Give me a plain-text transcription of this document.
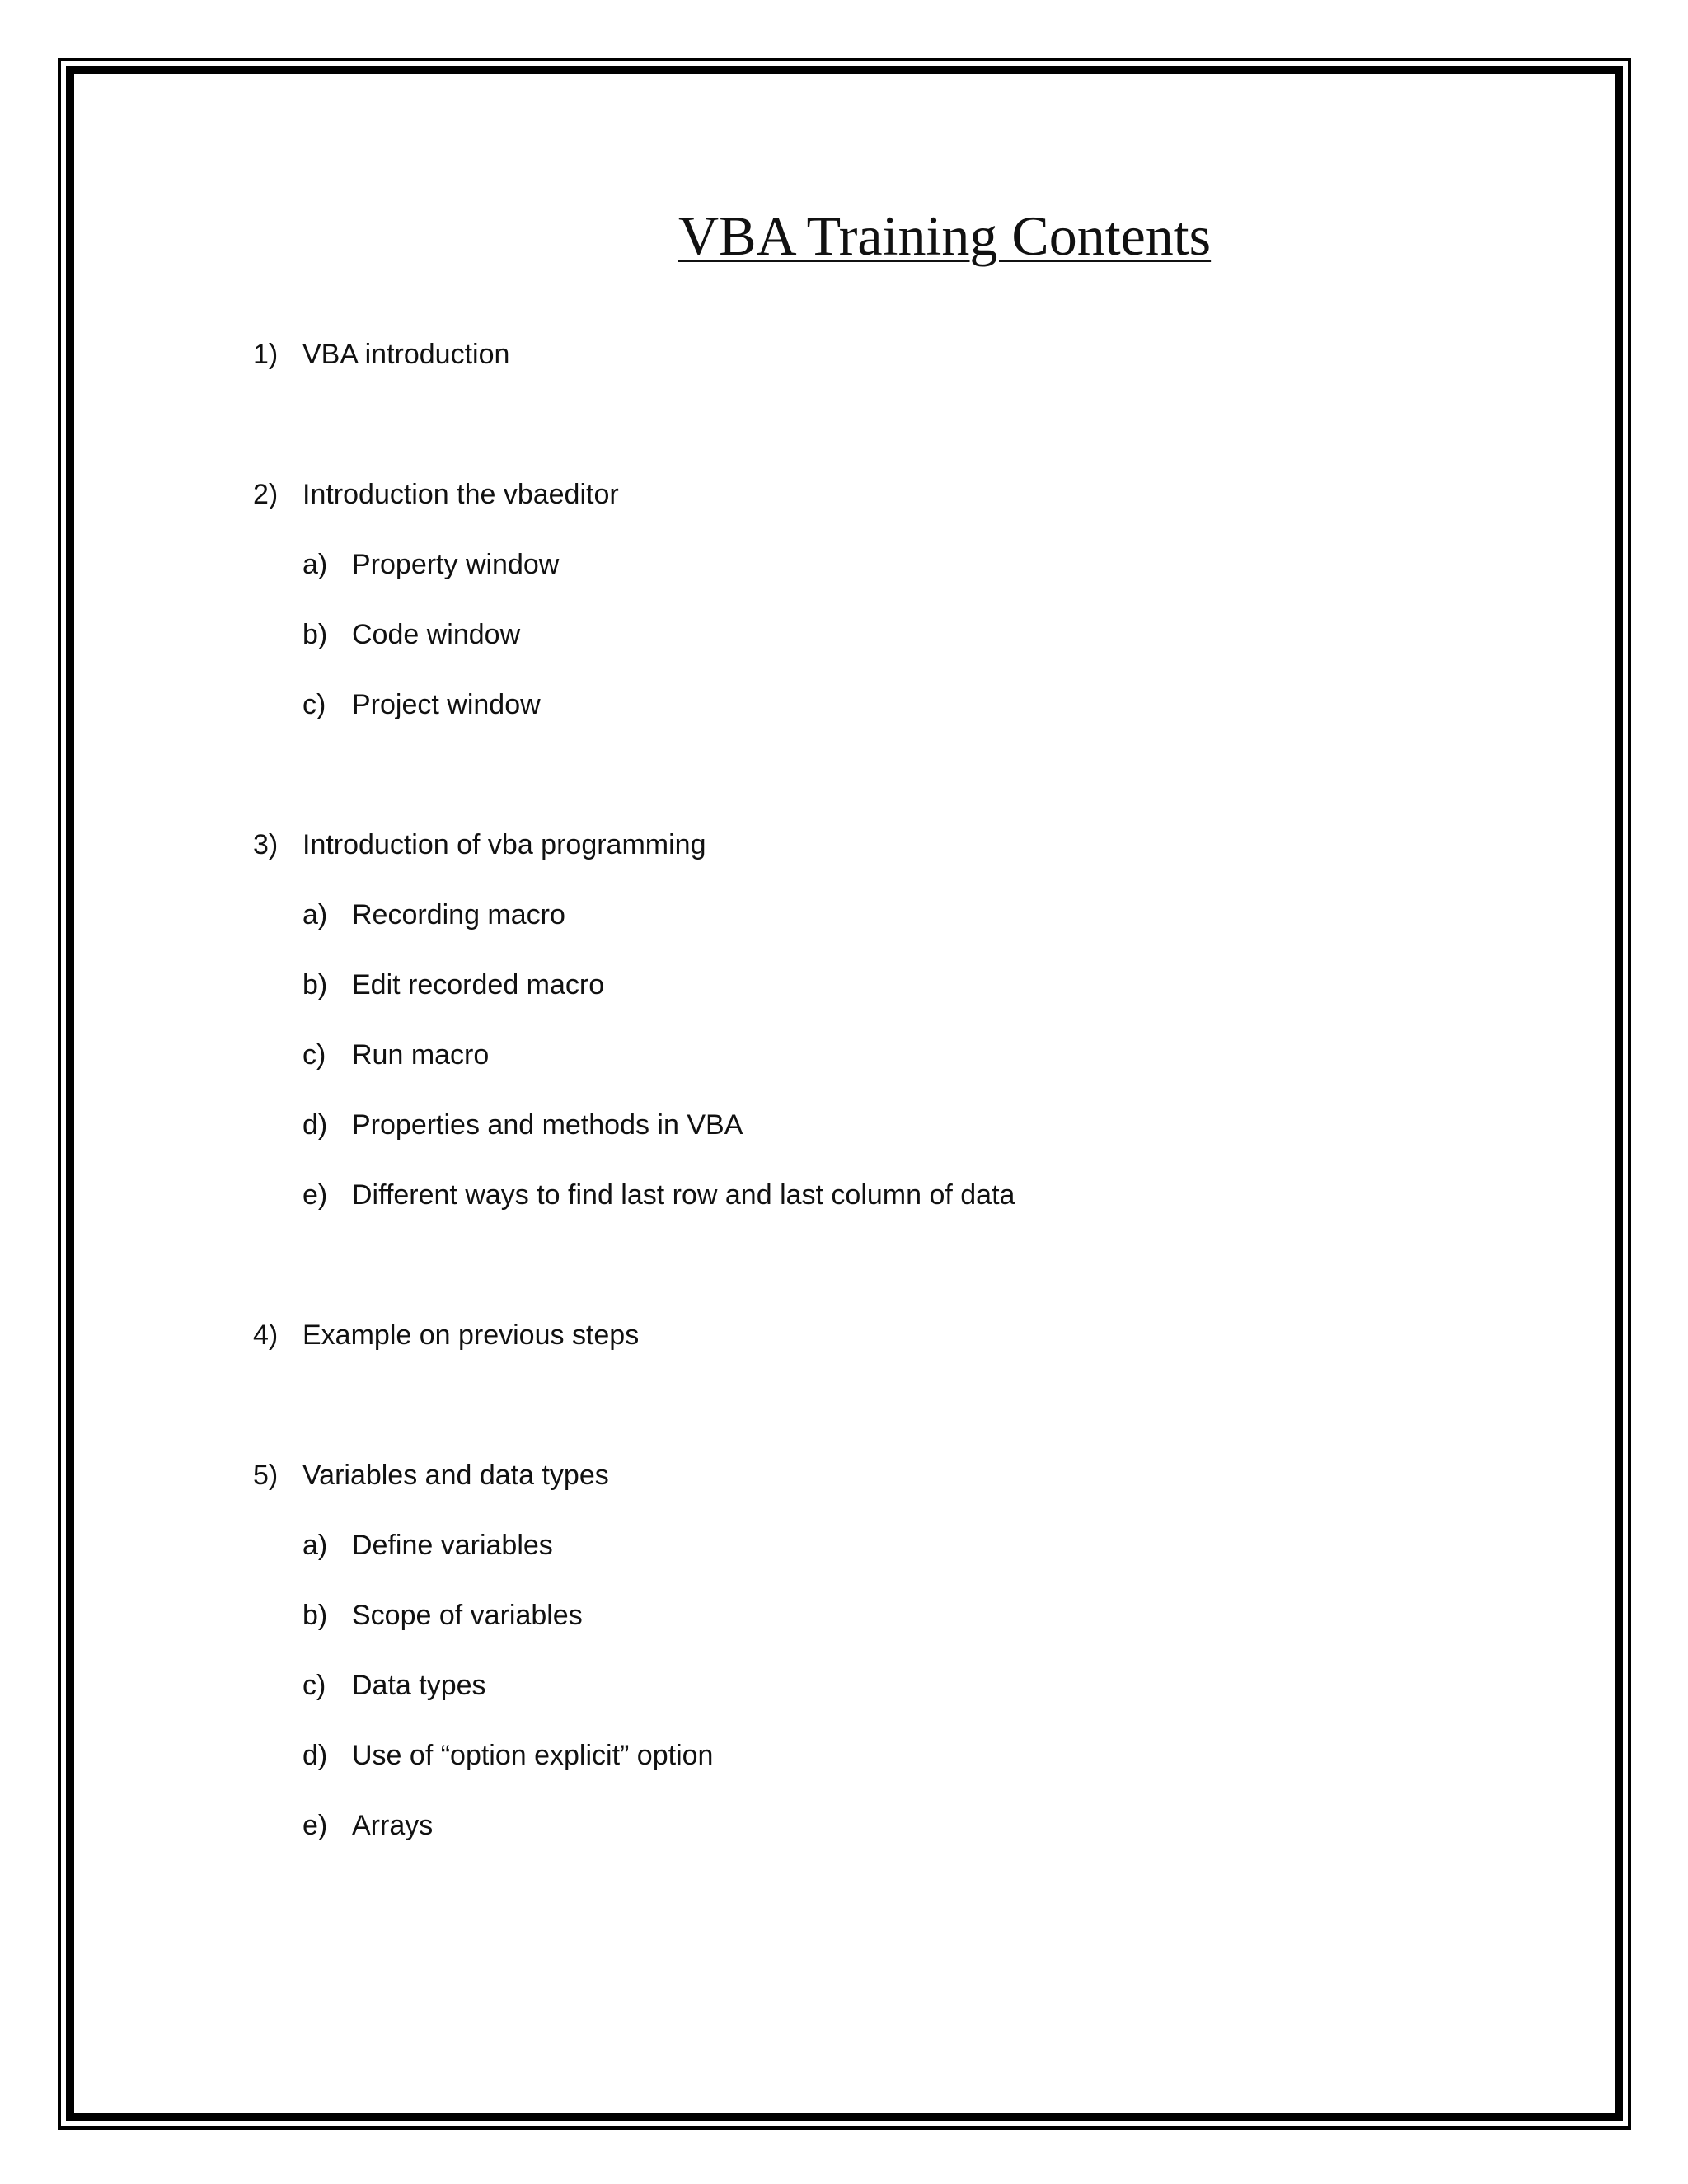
VBA Training Contents
1) VBA introduction
2) Introduction the vbaeditor
a) Property window
b) Code window
c) Project window
3) Introduction of vba programming
a) Recording macro
b) Edit recorded macro
c) Run macro
d) Properties and methods in VBA
e) Different ways to find last row and last column of data
4) Example on previous steps
5) Variables and data types
a) Define variables
b) Scope of variables
c) Data types
d) Use of “option explicit” option
e) Arrays
